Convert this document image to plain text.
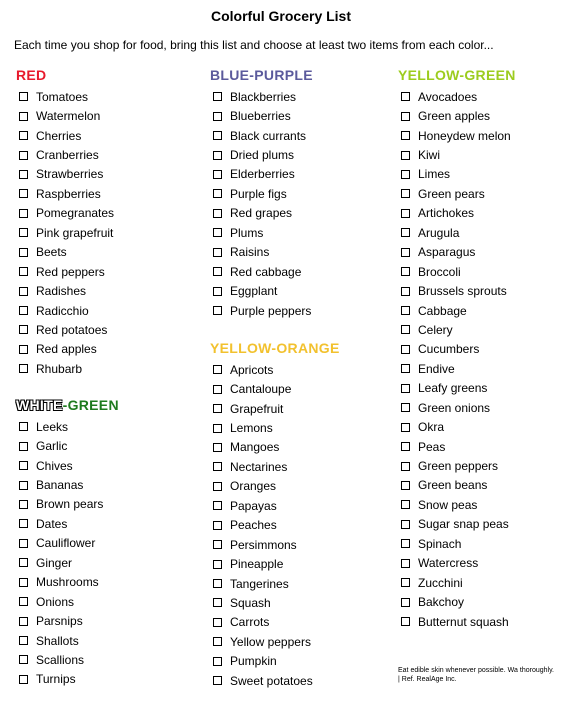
Colorful Grocery List
Each time you shop for food, bring this list and choose at least two items from each color...
RED
Tomatoes
Watermelon
Cherries
Cranberries
Strawberries
Raspberries
Pomegranates
Pink grapefruit
Beets
Red peppers
Radishes
Radicchio
Red potatoes
Red apples
Rhubarb
WHITE-GREEN
Leeks
Garlic
Chives
Bananas
Brown pears
Dates
Cauliflower
Ginger
Mushrooms
Onions
Parsnips
Shallots
Scallions
Turnips
BLUE-PURPLE
Blackberries
Blueberries
Black currants
Dried plums
Elderberries
Purple figs
Red grapes
Plums
Raisins
Red cabbage
Eggplant
Purple peppers
YELLOW-ORANGE
Apricots
Cantaloupe
Grapefruit
Lemons
Mangoes
Nectarines
Oranges
Papayas
Peaches
Persimmons
Pineapple
Tangerines
Squash
Carrots
Yellow peppers
Pumpkin
Sweet potatoes
YELLOW-GREEN
Avocadoes
Green apples
Honeydew melon
Kiwi
Limes
Green pears
Artichokes
Arugula
Asparagus
Broccoli
Brussels sprouts
Cabbage
Celery
Cucumbers
Endive
Leafy greens
Green onions
Okra
Peas
Green peppers
Green beans
Snow peas
Sugar snap peas
Spinach
Watercress
Zucchini
Bakchoy
Butternut squash
Eat edible skin whenever possible. Wa thoroughly. | Ref. RealAge Inc.
